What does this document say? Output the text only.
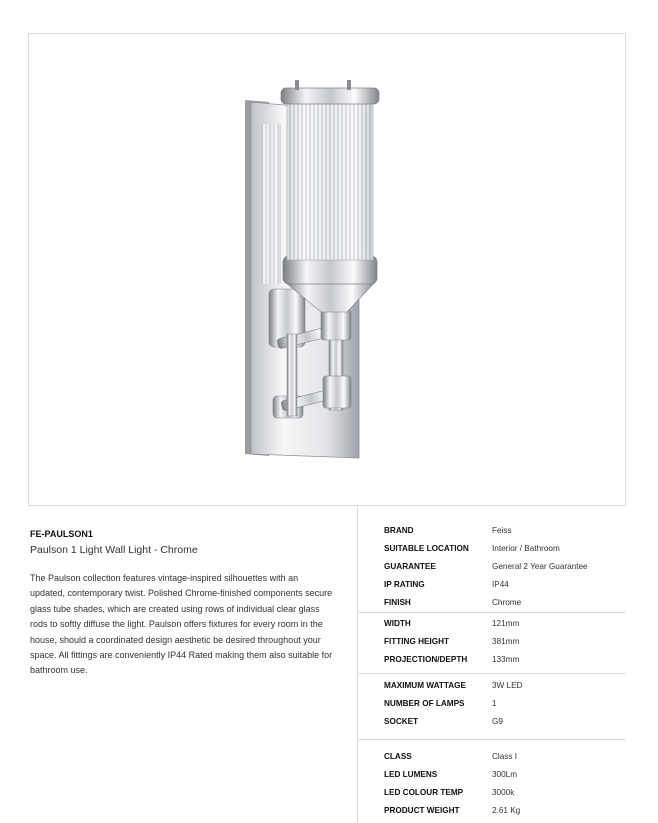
FE-PAULSON1
Paulson 1 Light Wall Light - Chrome

The Paulson collection features vintage-inspired silhouettes with an updated, contemporary twist. Polished Chrome-finished components secure glass tube shades, which are created using rows of individual clear glass rods to softly diffuse the light. Paulson offers fixtures for every room in the house, should a coordinated design aesthetic be desired throughout your space. All fittings are conveniently IP44 Rated making them also suitable for bathroom use.

BRAND	Feiss
SUITABLE LOCATION	Interior / Bathroom
GUARANTEE	General 2 Year Guarantee
IP RATING	IP44
FINISH	Chrome
WIDTH	121mm
FITTING HEIGHT	381mm
PROJECTION/DEPTH	133mm
MAXIMUM WATTAGE	3W LED
NUMBER OF LAMPS	1
SOCKET	G9
CLASS	Class I
LED LUMENS	300Lm
LED COLOUR TEMP	3000k
PRODUCT WEIGHT	2.61 Kg
